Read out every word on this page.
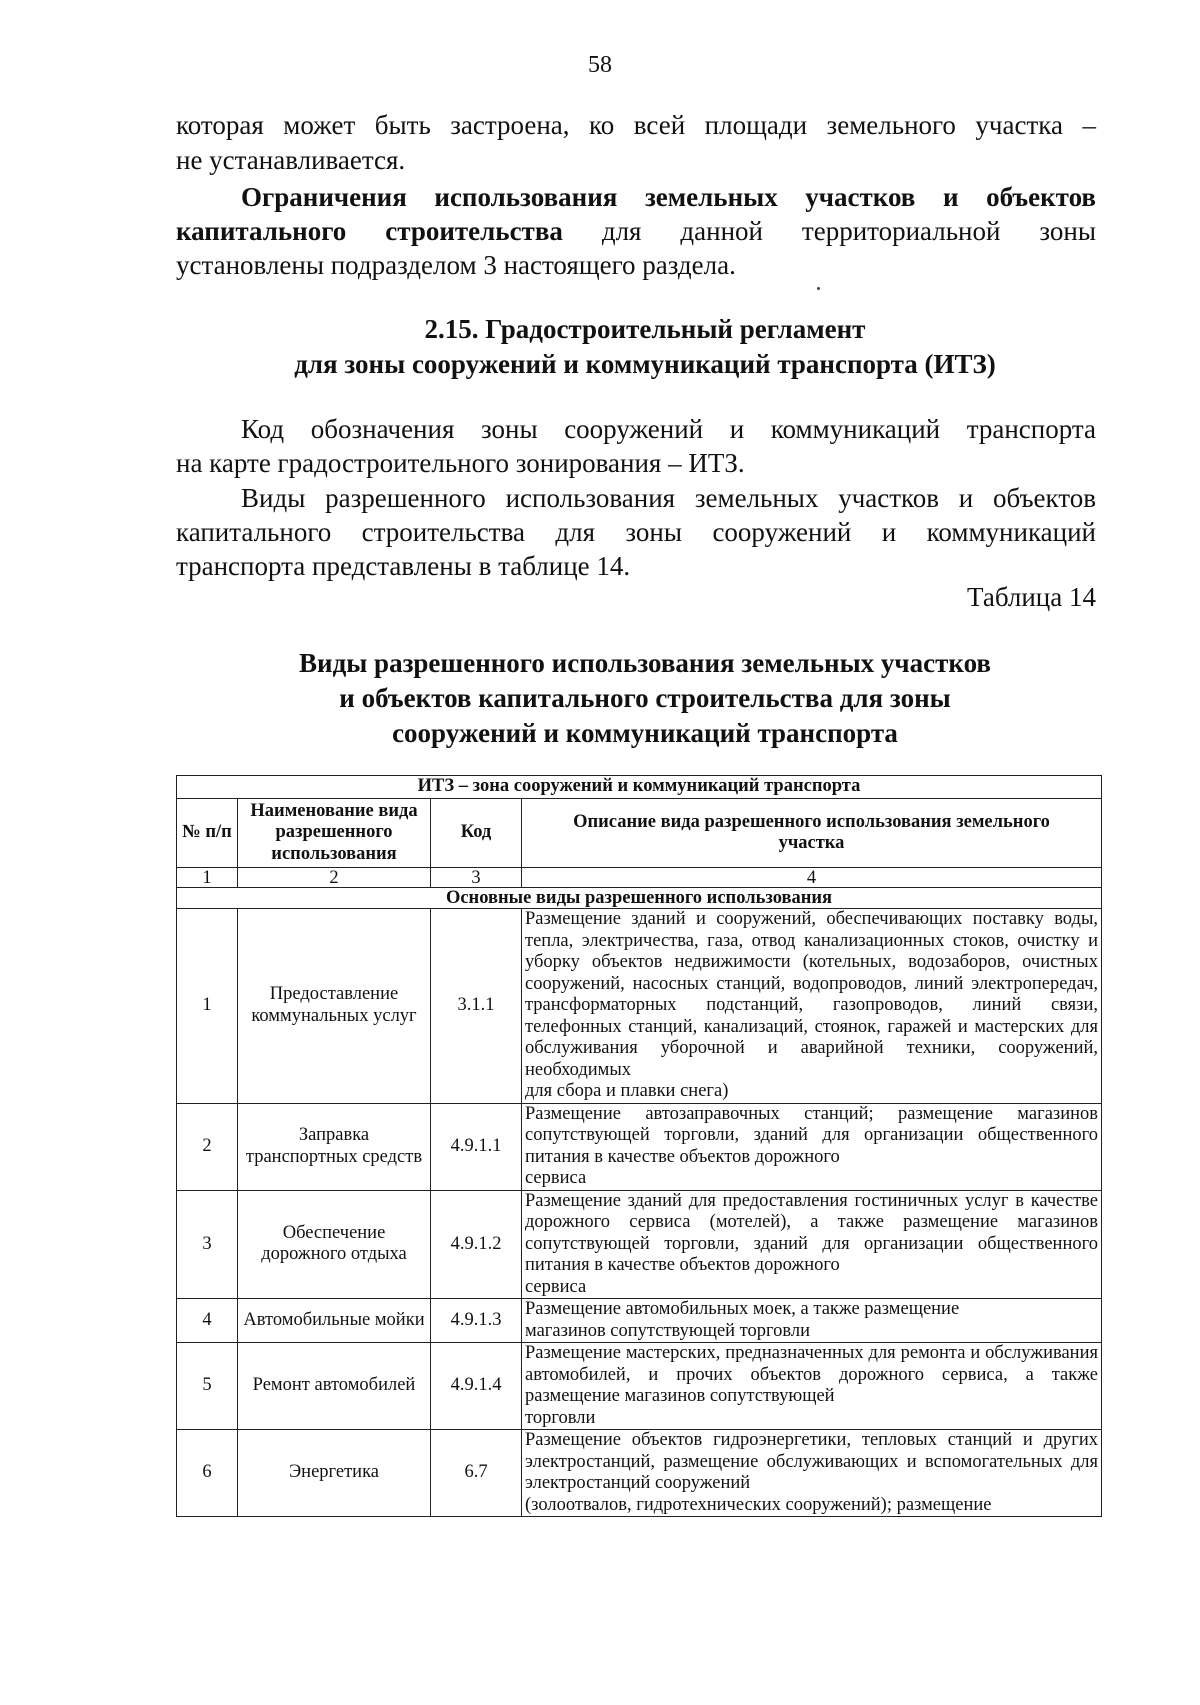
58
которая может быть застроена, ко всей площади земельного участка –
не устанавливается.
Ограничения использования земельных участков и объектов
капитального строительства для данной территориальной зоны
установлены подразделом 3 настоящего раздела.
2.15. Градостроительный регламент
для зоны сооружений и коммуникаций транспорта (ИТЗ)
Код обозначения зоны сооружений и коммуникаций транспорта
на карте градостроительного зонирования – ИТЗ.
Виды разрешенного использования земельных участков и объектов
капитального строительства для зоны сооружений и коммуникаций
транспорта представлены в таблице 14.
Таблица 14
Виды разрешенного использования земельных участков
и объектов капитального строительства для зоны
сооружений и коммуникаций транспорта
ИТЗ – зона сооружений и коммуникаций транспорта			
№ п/п	Наименование вида разрешенного использования	Код	Описание вида разрешенного использования земельного участка
1	2	3	4
Основные виды разрешенного использования			
1	Предоставление коммунальных услуг	3.1.1	Размещение зданий и сооружений, обеспечивающих поставку воды, тепла, электричества, газа, отвод канализационных стоков, очистку и уборку объектов недвижимости (котельных, водозаборов, очистных сооружений, насосных станций, водопроводов, линий электропередач, трансформаторных подстанций, газопроводов, линий связи, телефонных станций, канализаций, стоянок, гаражей и мастерских для обслуживания уборочной и аварийной техники, сооружений, необходимых
для сбора и плавки снега)

2	Заправка транспортных средств	4.9.1.1	Размещение автозаправочных станций; размещение магазинов сопутствующей торговли, зданий для организации общественного питания в качестве объектов дорожного
сервиса

3	Обеспечение дорожного отдыха	4.9.1.2	Размещение зданий для предоставления гостиничных услуг в качестве дорожного сервиса (мотелей), а также размещение магазинов сопутствующей торговли, зданий для организации общественного питания в качестве объектов дорожного
сервиса

4	Автомобильные мойки	4.9.1.3	Размещение автомобильных моек, а также размещение
магазинов сопутствующей торговли

5	Ремонт автомобилей	4.9.1.4	Размещение мастерских, предназначенных для ремонта и обслуживания автомобилей, и прочих объектов дорожного сервиса, а также размещение магазинов сопутствующей
торговли

6	Энергетика	6.7	Размещение объектов гидроэнергетики, тепловых станций и других электростанций, размещение обслуживающих и вспомогательных для электростанций сооружений
(золоотвалов, гидротехнических сооружений); размещение
